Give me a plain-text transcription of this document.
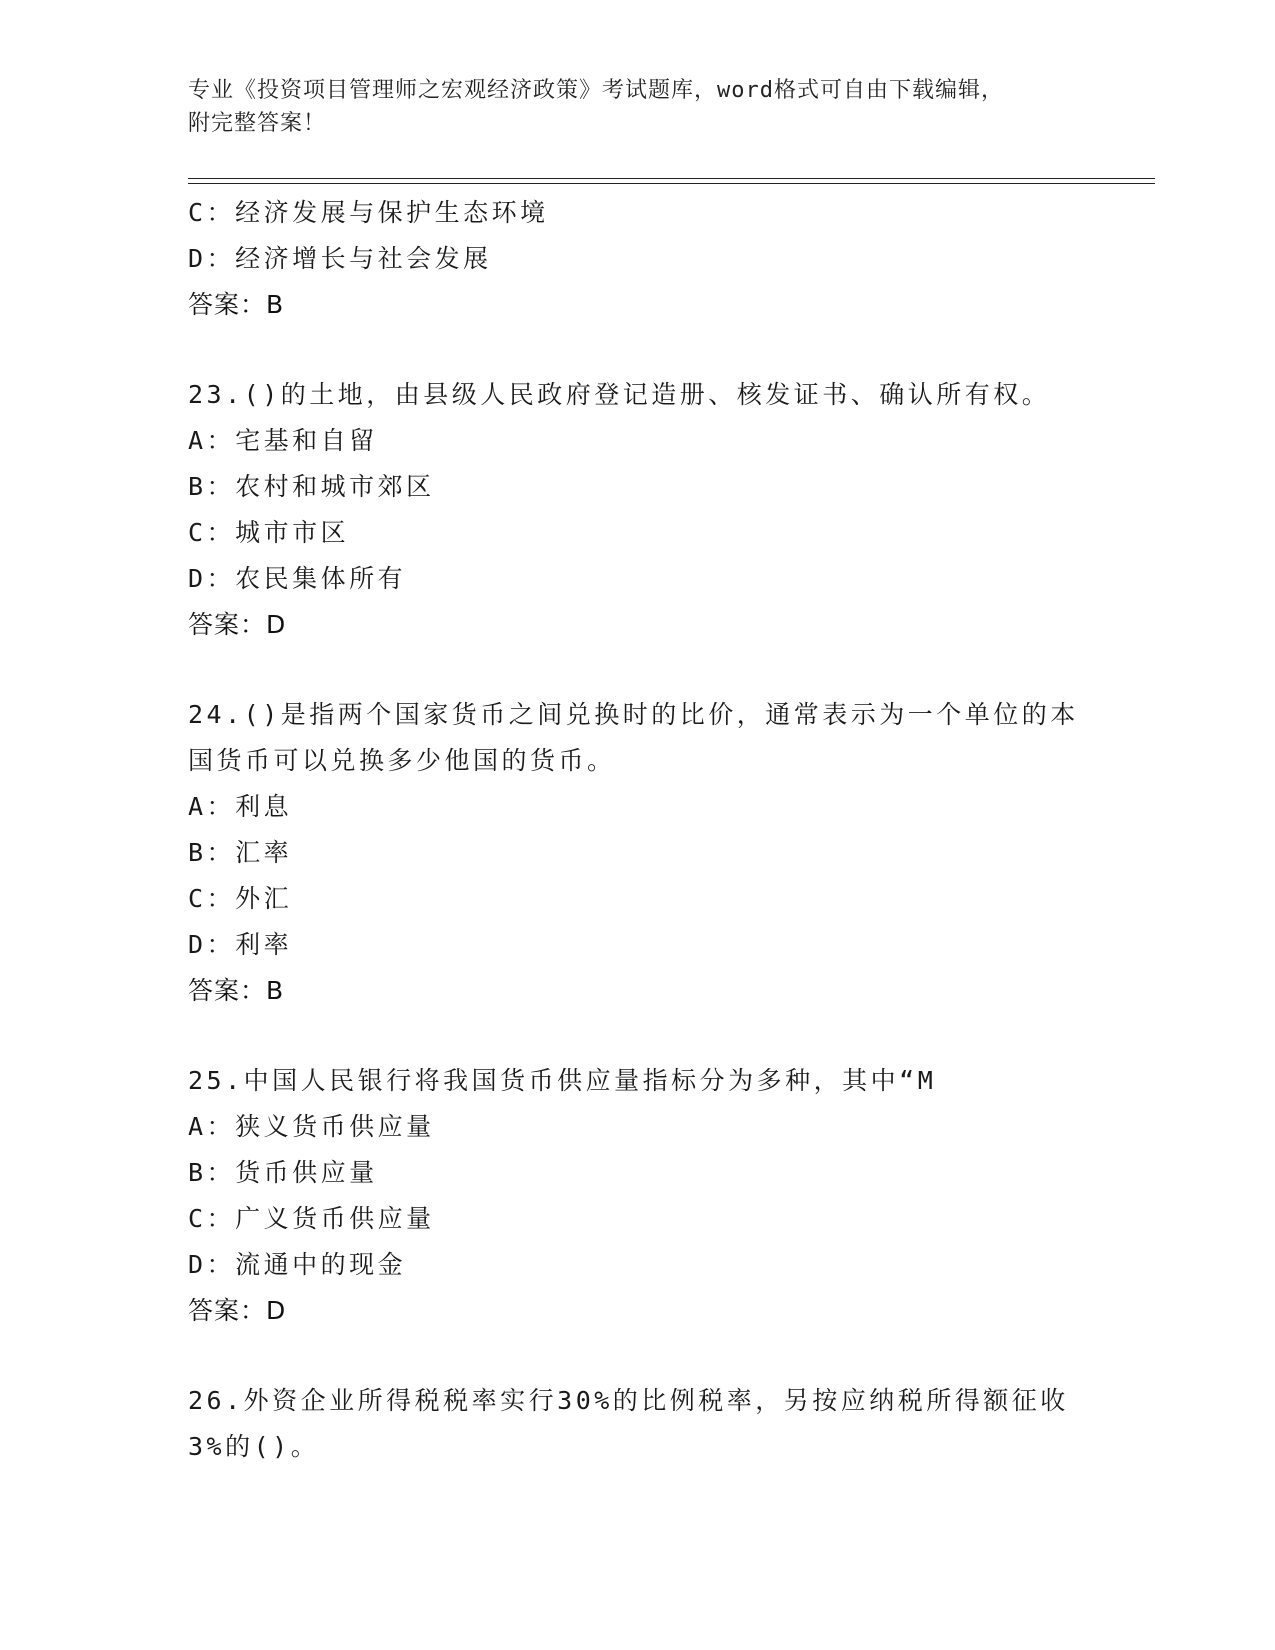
专业《投资项目管理师之宏观经济政策》考试题库，word格式可自由下载编辑，
附完整答案！
C：经济发展与保护生态环境
D：经济增长与社会发展
答案：B
23.()的土地，由县级人民政府登记造册、核发证书、确认所有权。
A：宅基和自留
B：农村和城市郊区
C：城市市区
D：农民集体所有
答案：D
24.()是指两个国家货币之间兑换时的比价，通常表示为一个单位的本
国货币可以兑换多少他国的货币。
A：利息
B：汇率
C：外汇
D：利率
答案：B
25.中国人民银行将我国货币供应量指标分为多种，其中“M
A：狭义货币供应量
B：货币供应量
C：广义货币供应量
D：流通中的现金
答案：D
26.外资企业所得税税率实行30%的比例税率，另按应纳税所得额征收
3%的()。
